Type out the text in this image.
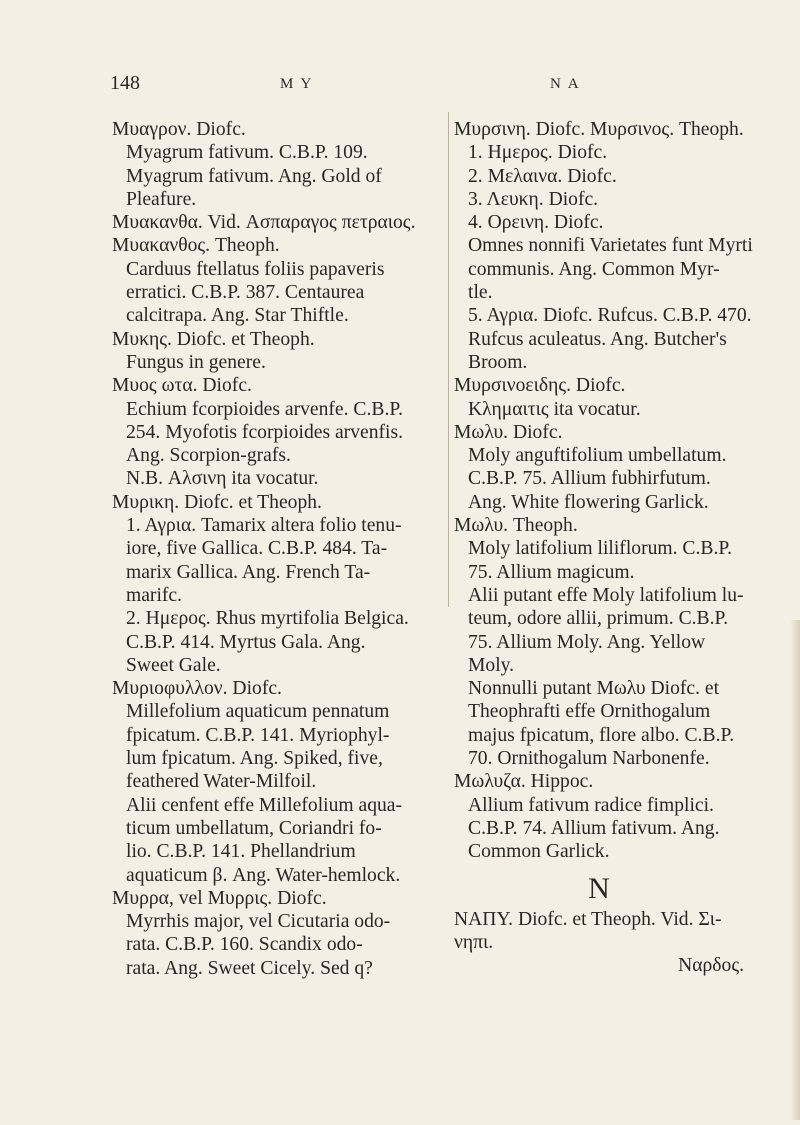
148	M Y	N A
Μυαγρον. Diofc.
Myagrum fativum. C.B.P. 109.
Myagrum fativum. Ang. Gold of
Pleafure.
Μυακανθα. Vid. Ασπαραγος πετραιος.
Μυακανθος. Theoph.
Carduus ftellatus foliis papaveris
erratici. C.B.P. 387. Centaurea
calcitrapa. Ang. Star Thiftle.
Μυκης. Diofc. et Theoph.
Fungus in genere.
Μυος ωτα. Diofc.
Echium fcorpioides arvenfe. C.B.P.
254. Myofotis fcorpioides arvenfis.
Ang. Scorpion-grafs.
N.B. Αλσινη ita vocatur.
Μυρικη. Diofc. et Theoph.
1. Αγρια. Tamarix altera folio tenu-
iore, five Gallica. C.B.P. 484. Ta-
marix Gallica. Ang. French Ta-
marifc.
2. Ημερος. Rhus myrtifolia Belgica.
C.B.P. 414. Myrtus Gala. Ang.
Sweet Gale.
Μυριοφυλλον. Diofc.
Millefolium aquaticum pennatum
fpicatum. C.B.P. 141. Myriophyl-
lum fpicatum. Ang. Spiked, five,
feathered Water-Milfoil.
Alii cenfent effe Millefolium aqua-
ticum umbellatum, Coriandri fo-
lio. C.B.P. 141. Phellandrium
aquaticum β. Ang. Water-hemlock.
Μυρρα, vel Μυρρις. Diofc.
Myrrhis major, vel Cicutaria odo-
rata. C.B.P. 160. Scandix odo-
rata. Ang. Sweet Cicely. Sed q?
Μυρσινη. Diofc. Μυρσινος. Theoph.
1. Ημερος. Diofc.
2. Μελαινα. Diofc.
3. Λευκη. Diofc.
4. Ορεινη. Diofc.
Omnes nonnifi Varietates funt Myrti
communis. Ang. Common Myr-
tle.
5. Αγρια. Diofc. Rufcus. C.B.P. 470.
Rufcus aculeatus. Ang. Butcher's
Broom.
Μυρσινοειδης. Diofc.
Κλημαιτις ita vocatur.
Μωλυ. Diofc.
Moly anguftifolium umbellatum.
C.B.P. 75. Allium fubhirfutum.
Ang. White flowering Garlick.
Μωλυ. Theoph.
Moly latifolium liliflorum. C.B.P.
75. Allium magicum.
Alii putant effe Moly latifolium lu-
teum, odore allii, primum. C.B.P.
75. Allium Moly. Ang. Yellow
Moly.
Nonnulli putant Μωλυ Diofc. et
Theophrafti effe Ornithogalum
majus fpicatum, flore albo. C.B.P.
70. Ornithogalum Narbonenfe.
Μωλυζα. Hippoc.
Allium fativum radice fimplici.
C.B.P. 74. Allium fativum. Ang.
Common Garlick.
N
ΝΑΠΥ. Diofc. et Theoph. Vid. Σι-
νηπι.
Ναρδος.
